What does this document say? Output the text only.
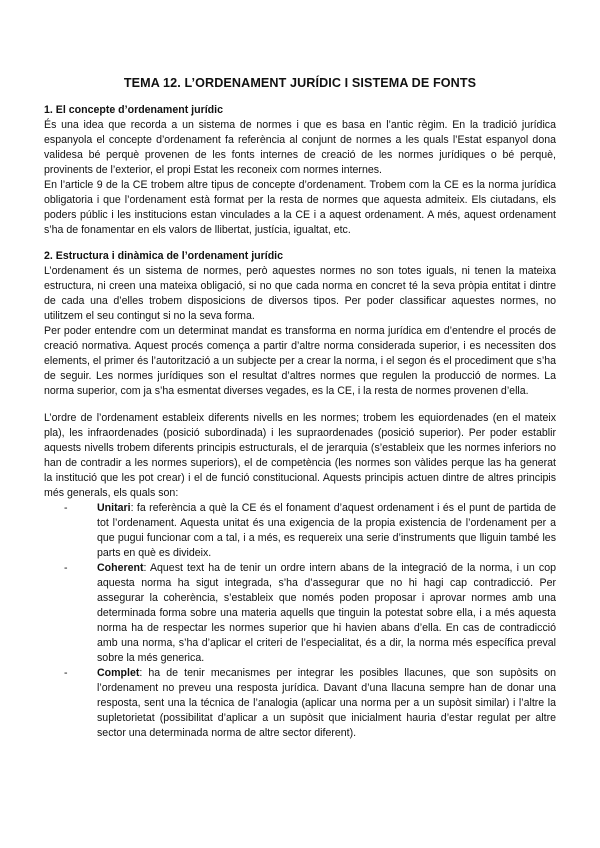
TEMA 12. L’ORDENAMENT JURÍDIC I SISTEMA DE FONTS

1. El concepte d’ordenament jurídic

És una idea que recorda a un sistema de normes i que es basa en l’antic règim. En la tradició jurídica espanyola el concepte d’ordenament fa referència al conjunt de normes a les quals l’Estat espanyol dona validesa bé perquè provenen de les fonts internes de creació de les normes jurídiques o bé perquè, provinents de l’exterior, el propi Estat les reconeix com normes internes.

En l’article 9 de la CE trobem altre tipus de concepte d’ordenament. Trobem com la CE es la norma jurídica obligatoria i que l’ordenament està format per la resta de normes que aquesta admiteix. Els ciutadans, els poders públic i les institucions estan vinculades a la CE i a aquest ordenament. A més, aquest ordenament s’ha de fonamentar en els valors de llibertat, justícia, igualtat, etc.

2. Estructura i dinàmica de l’ordenament jurídic

L’ordenament és un sistema de normes, però aquestes normes no son totes iguals, ni tenen la mateixa estructura, ni creen una mateixa obligació, si no que cada norma en concret té la seva pròpia entitat i dintre de cada una d’elles trobem disposicions de diversos tipos. Per poder classificar aquestes normes, no utilitzem el seu contingut si no la seva forma.

Per poder entendre com un determinat mandat es transforma en norma jurídica em d’entendre el procés de creació normativa. Aquest procés comença a partir d’altre norma considerada superior, i es necessiten dos elements, el primer és l’autorització a un subjecte per a crear la norma, i el segon és el procediment que s’ha de seguir. Les normes jurídiques son el resultat d’altres normes que regulen la producció de normes. La norma superior, com ja s’ha esmentat diverses vegades, es la CE, i la resta de normes provenen d’ella.

L’ordre de l’ordenament estableix diferents nivells en les normes; trobem les equiordenades (en el mateix pla), les infraordenades (posició subordinada) i les supraordenades (posició superior). Per poder establir aquests nivells trobem diferents principis estructurals, el de jerarquia (s’estableix que les normes inferiors no han de contradir a les normes superiors), el de competència (les normes son vàlides perque las ha generat la institució que les pot crear) i el de funció constitucional. Aquests principis actuen dintre de altres principis més generals, els quals son:

-	Unitari: fa referència a què la CE és el fonament d’aquest ordenament i és el punt de partida de tot l’ordenament. Aquesta unitat és una exigencia de la propia existencia de l’ordenament per a que pugui funcionar com a tal, i a més, es requereix una serie d’instruments que lliguin també les parts en què es divideix.
-	Coherent: Aquest text ha de tenir un ordre intern abans de la integració de la norma, i un cop aquesta norma ha sigut integrada, s’ha d’assegurar que no hi hagi cap contradicció. Per assegurar la coherència, s’estableix que només poden proposar i aprovar normes amb una determinada forma sobre una materia aquells que tinguin la potestat sobre ella, i a més aquesta norma ha de respectar les normes superior que hi havien abans d’ella. En cas de contradicció amb una norma, s’ha d’aplicar el criteri de l’especialitat, és a dir, la norma més específica preval sobre la més generica.
-	Complet: ha de tenir mecanismes per integrar les posibles llacunes, que son supòsits on l’ordenament no preveu una resposta jurídica. Davant d’una llacuna sempre han de donar una resposta, sent una la técnica de l’analogia (aplicar una norma per a un supòsit similar) i l’altre la supletorietat (possibilitat d’aplicar a un supòsit que inicialment hauria d’estar regulat per altre sector una determinada norma de altre sector diferent).
